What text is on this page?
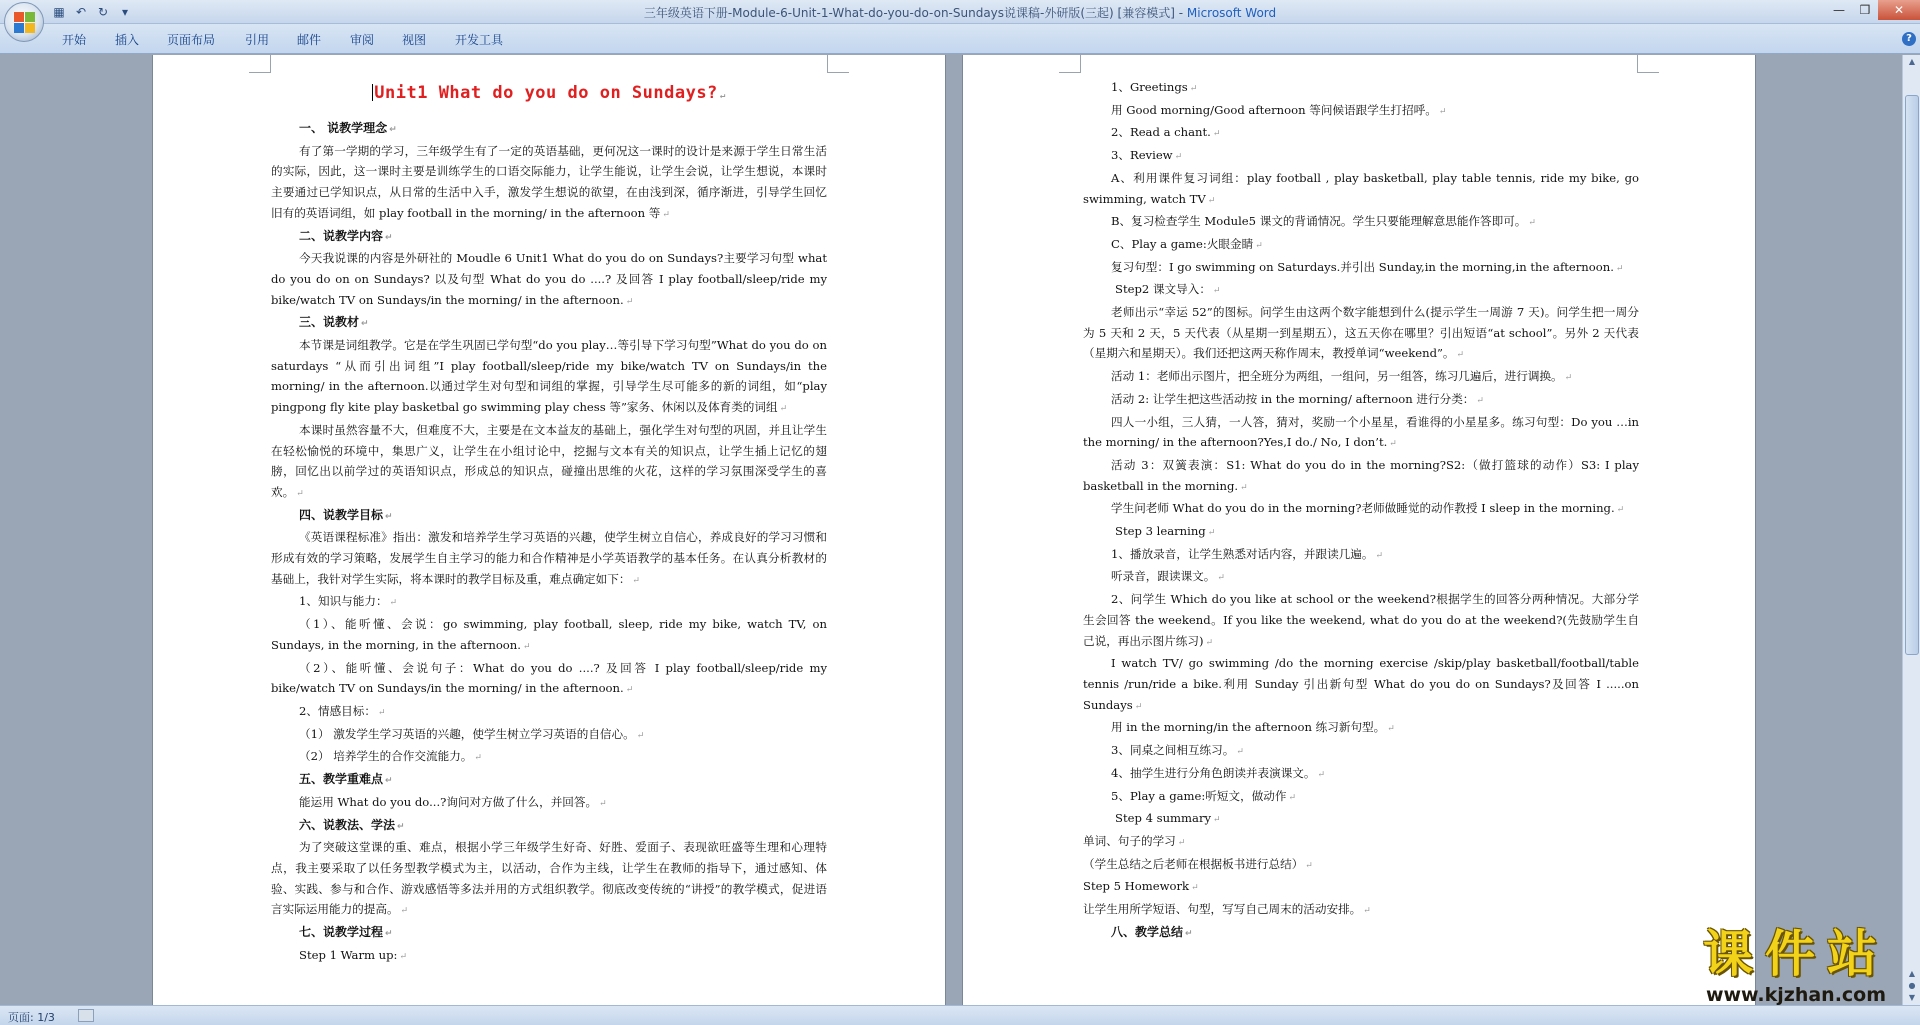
▦ ↶ ↻	▾	三年级英语下册-Module-6-Unit-1-What-do-you-do-on-Sundays说课稿-外研版(三起) [兼容模式] - Microsoft Word	—	❒	✕
开始 插入 页面布局 引用 邮件 审阅 视图 开发工具	?
Unit1 What do you do on Sundays? ↵

一、 说教学理念 ↵

有了第一学期的学习，三年级学生有了一定的英语基础，更何况这一课时的设计是来源于学生日常生活的实际，因此，这一课时主要是训练学生的口语交际能力，让学生能说，让学生会说，让学生想说，本课时主要通过已学知识点，从日常的生活中入手，激发学生想说的欲望，在由浅到深，循序渐进，引导学生回忆旧有的英语词组，如 play football in the morning/ in the afternoon 等 ↵

二、说教学内容 ↵

今天我说课的内容是外研社的 Moudle 6 Unit1 What do you do on Sundays?主要学习句型 what do you do on on Sundays? 以及句型 What do you do ....? 及回答 I play football/sleep/ride my bike/watch TV on Sundays/in the morning/ in the afternoon. ↵

三、说教材 ↵

本节课是词组教学。它是在学生巩固已学句型“do you play…等引导下学习句型”What do you do on saturdays “从而引出词组”I play football/sleep/ride my bike/watch TV on Sundays/in the morning/ in the afternoon.以通过学生对句型和词组的掌握，引导学生尽可能多的新的词组，如“play pingpong fly kite play basketbal go swimming play chess 等”家务、休闲以及体育类的词组 ↵

本课时虽然容量不大，但难度不大，主要是在文本益友的基础上，强化学生对句型的巩固，并且让学生在轻松愉悦的环境中，集思广义，让学生在小组讨论中，挖掘与文本有关的知识点，让学生插上记忆的翅膀，回忆出以前学过的英语知识点，形成总的知识点，碰撞出思维的火花，这样的学习氛围深受学生的喜欢。 ↵

四、说教学目标 ↵

《英语课程标准》指出：激发和培养学生学习英语的兴趣，使学生树立自信心，养成良好的学习习惯和形成有效的学习策略，发展学生自主学习的能力和合作精神是小学英语教学的基本任务。在认真分析教材的基础上，我针对学生实际，将本课时的教学目标及重，难点确定如下： ↵

1、知识与能力： ↵

（1）、能听懂、会说：go swimming, play football, sleep, ride my bike, watch TV, on Sundays, in the morning, in the afternoon. ↵

（2）、能听懂、会说句子：What do you do ....? 及回答 I play football/sleep/ride my bike/watch TV on Sundays/in the morning/ in the afternoon. ↵

2、情感目标： ↵

（1） 激发学生学习英语的兴趣，使学生树立学习英语的自信心。 ↵

（2） 培养学生的合作交流能力。 ↵

五、教学重难点 ↵

能运用 What do you do...?询问对方做了什么，并回答。 ↵

六、说教法、学法 ↵

为了突破这堂课的重、难点，根据小学三年级学生好奇、好胜、爱面子、表现欲旺盛等生理和心理特点，我主要采取了以任务型教学模式为主，以活动，合作为主线，让学生在教师的指导下，通过感知、体验、实践、参与和合作、游戏感悟等多法并用的方式组织教学。彻底改变传统的“讲授”的教学模式，促进语言实际运用能力的提高。 ↵

七、说教学过程 ↵

Step 1 Warm up: ↵

1、Greetings ↵

用 Good morning/Good afternoon 等问候语跟学生打招呼。 ↵

2、Read a chant. ↵

3、Review ↵

A、利用课件复习词组：play football , play basketball, play table tennis, ride my bike, go swimming, watch TV ↵

B、复习检查学生 Module5 课文的背诵情况。学生只要能理解意思能作答即可。 ↵

C、Play a game:火眼金睛 ↵

复习句型：I go swimming on Saturdays.并引出 Sunday,in the morning,in the afternoon. ↵

Step2 课文导入： ↵

老师出示“幸运 52”的图标。问学生由这两个数字能想到什么(提示学生一周游 7 天)。问学生把一周分为 5 天和 2 天，5 天代表（从星期一到星期五），这五天你在哪里？引出短语“at school”。另外 2 天代表（星期六和星期天）。我们还把这两天称作周末，教授单词“weekend”。 ↵

活动 1：老师出示图片，把全班分为两组，一组问，另一组答，练习几遍后，进行调换。 ↵

活动 2: 让学生把这些活动按 in the morning/ afternoon 进行分类： ↵

四人一小组，三人猜，一人答，猜对，奖励一个小星星，看谁得的小星星多。练习句型：Do you …in the morning/ in the afternoon?Yes,I do./ No, I don’t. ↵

活动 3：双簧表演：S1: What do you do in the morning?S2:（做打篮球的动作）S3: I play basketball in the morning. ↵

学生问老师 What do you do in the morning?老师做睡觉的动作教授 I sleep in the morning. ↵

Step 3 learning ↵

1、播放录音，让学生熟悉对话内容，并跟读几遍。 ↵

听录音，跟读课文。 ↵

2、问学生 Which do you like at school or the weekend?根据学生的回答分两种情况。大部分学生会回答 the weekend。If you like the weekend, what do you do at the weekend?(先鼓励学生自己说，再出示图片练习) ↵

I watch TV/ go swimming /do the morning exercise /skip/play basketball/football/table tennis /run/ride a bike.利用 Sunday 引出新句型 What do you do on Sundays?及回答 I .....on Sundays ↵

用 in the morning/in the afternoon 练习新句型。 ↵

3、同桌之间相互练习。 ↵

4、抽学生进行分角色朗读并表演课文。 ↵

5、Play a game:听短文，做动作 ↵

Step 4 summary ↵

单词、句子的学习 ↵

（学生总结之后老师在根据板书进行总结） ↵

Step 5 Homework ↵

让学生用所学短语、句型，写写自己周末的活动安排。 ↵

八、教学总结 ↵

▲
▲
●
▼
课件站
www.kjzhan.com
页面: 1/3
